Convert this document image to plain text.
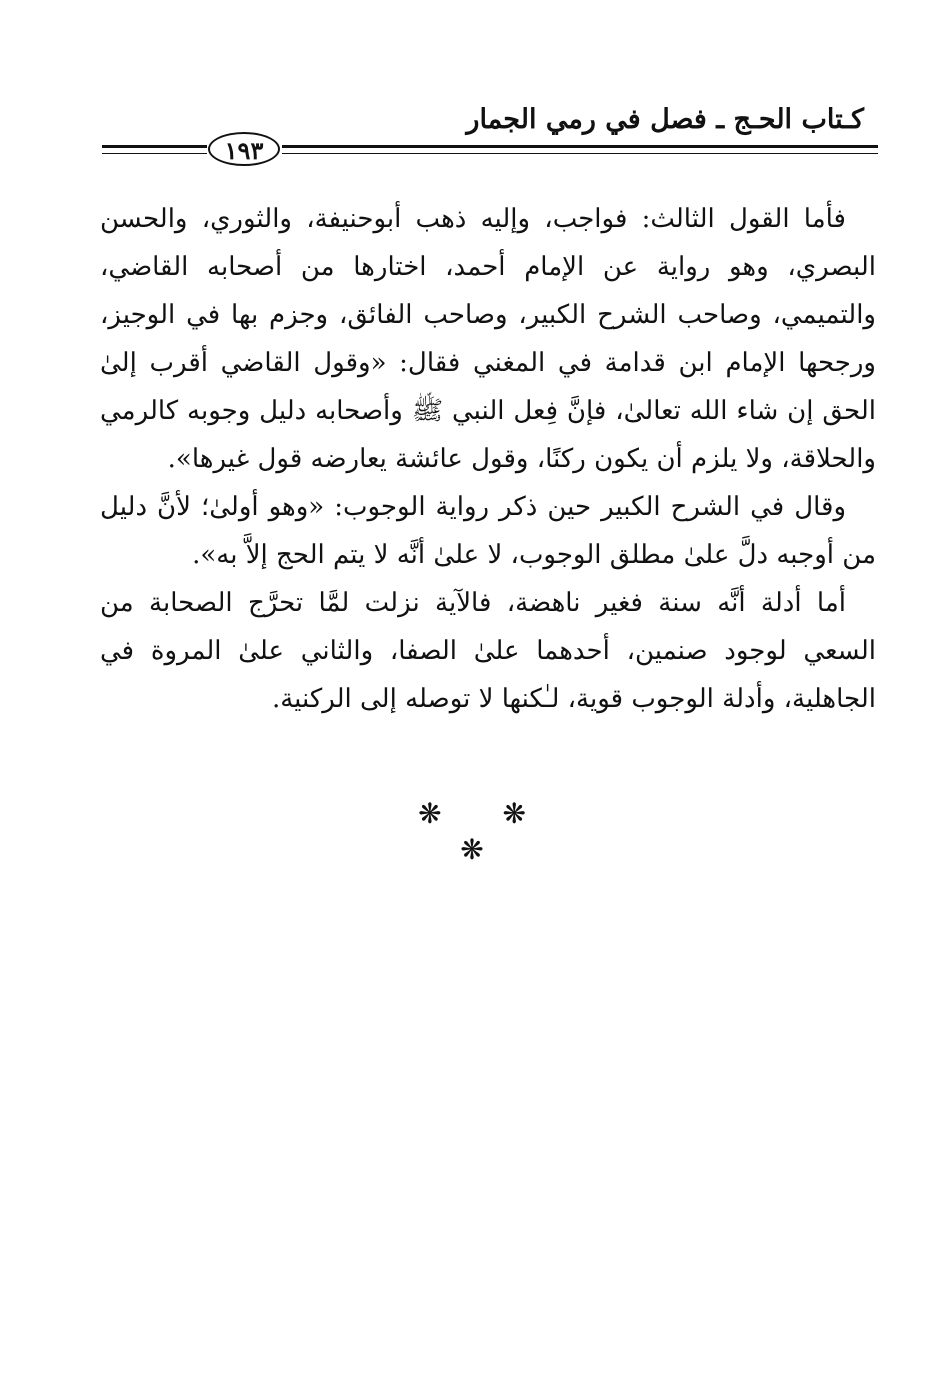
كـتاب الحـج ـ فصل في رمي الجمار
١٩٣

فأما القول الثالث: فواجب، وإليه ذهب أبوحنيفة، والثوري، والحسن البصري، وهو رواية عن الإمام أحمد، اختارها من أصحابه القاضي، والتميمي، وصاحب الشرح الكبير، وصاحب الفائق، وجزم بها في الوجيز، ورجحها الإمام ابن قدامة في المغني فقال: «وقول القاضي أقرب إلىٰ الحق إن شاء الله تعالىٰ، فإنَّ فِعل النبي ﷺ وأصحابه دليل وجوبه كالرمي والحلاقة، ولا يلزم أن يكون ركنًا، وقول عائشة يعارضه قول غيرها».

وقال في الشرح الكبير حين ذكر رواية الوجوب: «وهو أولىٰ؛ لأنَّ دليل من أوجبه دلَّ علىٰ مطلق الوجوب، لا علىٰ أنَّه لا يتم الحج إلاَّ به».

أما أدلة أنَّه سنة فغير ناهضة، فالآية نزلت لمَّا تحرَّج الصحابة من السعي لوجود صنمين، أحدهما علىٰ الصفا، والثاني علىٰ المروة في الجاهلية، وأدلة الوجوب قوية، لـٰكنها لا توصله إلى الركنية.

❋ ❋ ❋
